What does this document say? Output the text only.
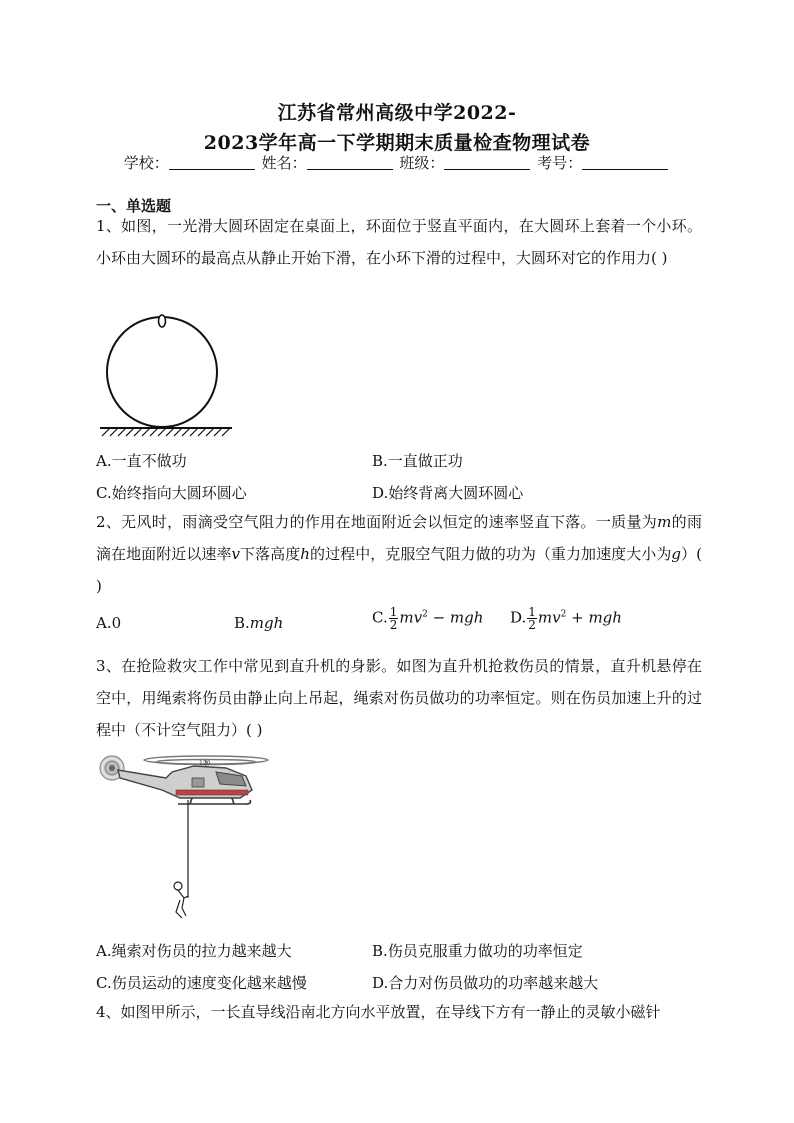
江苏省常州高级中学2022-
2023学年高一下学期期末质量检查物理试卷
学校：	姓名：	班级：	考号：
一、单选题
1、如图，一光滑大圆环固定在桌面上，环面位于竖直平面内，在大圆环上套着一个小环。小环由大圆环的最高点从静止开始下滑，在小环下滑的过程中，大圆环对它的作用力( )
A.一直不做功	B.一直做正功
C.始终指向大圆环圆心	D.始终背离大圆环圆心
2、无风时，雨滴受空气阻力的作用在地面附近会以恒定的速率竖直下落。一质量为m的雨滴在地面附近以速率v下落高度h的过程中，克服空气阻力做的功为（重力加速度大小为g）( )
A.0	B.mgh	C. $\frac{1}{2} mv^2$ − mgh D. $\frac{1}{2} mv^2$ + mgh
3、在抢险救灾工作中常见到直升机的身影。如图为直升机抢救伤员的情景，直升机悬停在空中，用绳索将伤员由静止向上吊起，绳索对伤员做功的功率恒定。则在伤员加速上升的过程中（不计空气阻力）( )
120
A.绳索对伤员的拉力越来越大	B.伤员克服重力做功的功率恒定
C.伤员运动的速度变化越来越慢	D.合力对伤员做功的功率越来越大
4、如图甲所示，一长直导线沿南北方向水平放置，在导线下方有一静止的灵敏小磁针
